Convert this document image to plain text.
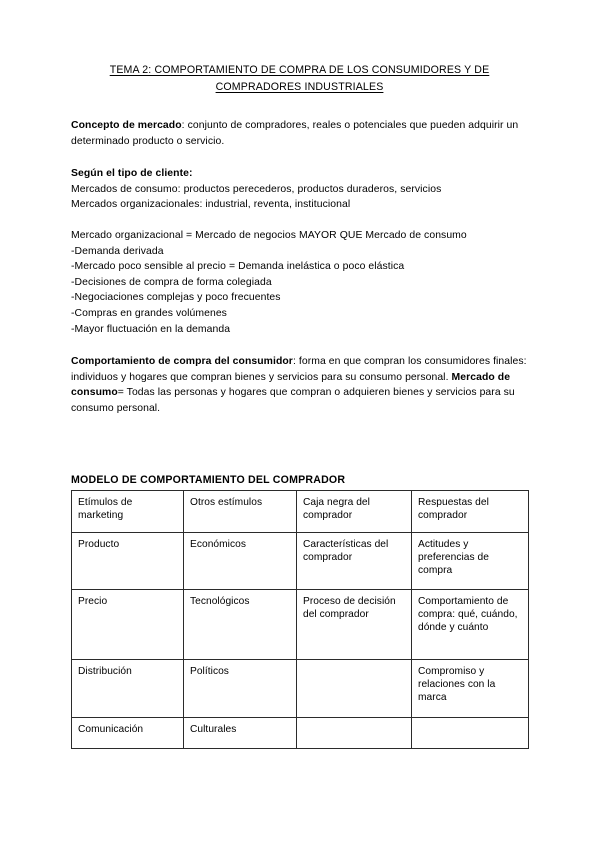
TEMA 2: COMPORTAMIENTO DE COMPRA DE LOS CONSUMIDORES Y DE
COMPRADORES INDUSTRIALES

Concepto de mercado: conjunto de compradores, reales o potenciales que pueden adquirir un determinado producto o servicio.

Según el tipo de cliente:

Mercados de consumo: productos perecederos, productos duraderos, servicios

Mercados organizacionales: industrial, reventa, institucional

Mercado organizacional = Mercado de negocios MAYOR QUE Mercado de consumo

-Demanda derivada

-Mercado poco sensible al precio = Demanda inelástica o poco elástica

-Decisiones de compra de forma colegiada

-Negociaciones complejas y poco frecuentes

-Compras en grandes volúmenes

-Mayor fluctuación en la demanda

Comportamiento de compra del consumidor: forma en que compran los consumidores finales: individuos y hogares que compran bienes y servicios para su consumo personal. Mercado de consumo= Todas las personas y hogares que compran o adquieren bienes y servicios para su consumo personal.

MODELO DE COMPORTAMIENTO DEL COMPRADOR

Etímulos de marketing	Otros estímulos	Caja negra del comprador	Respuestas del comprador
Producto	Económicos	Características del comprador	Actitudes y preferencias de compra
Precio	Tecnológicos	Proceso de decisión del comprador	Comportamiento de compra: qué, cuándo, dónde y cuánto
Distribución	Políticos		Compromiso y relaciones con la marca
Comunicación	Culturales		
